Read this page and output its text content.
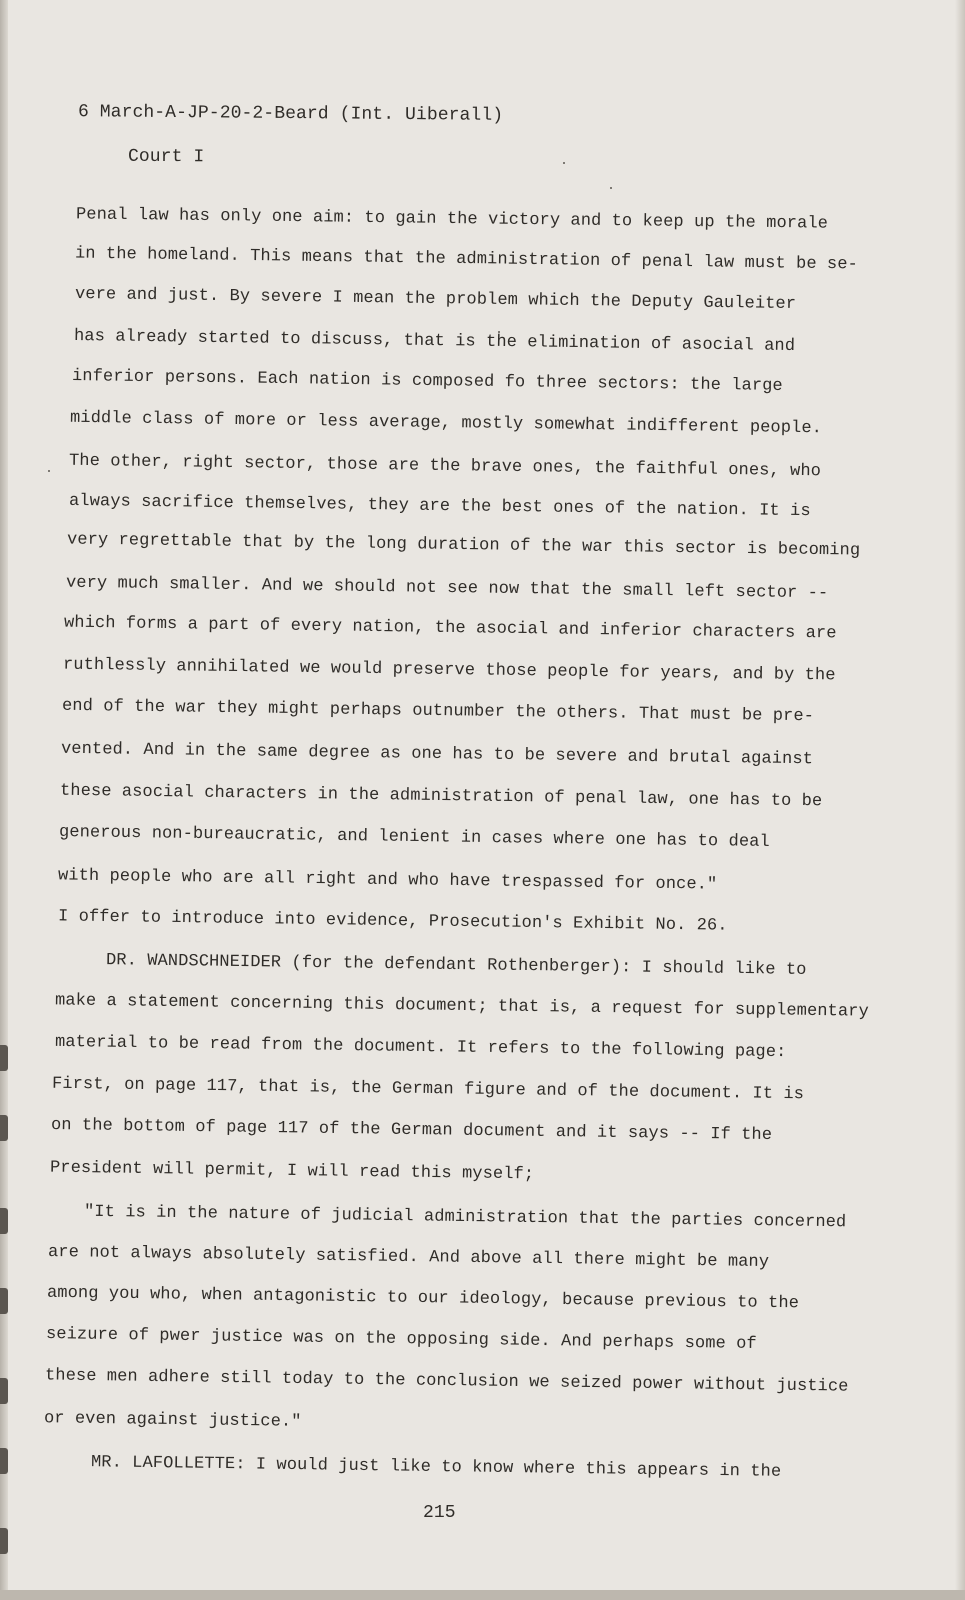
6 March-A-JP-20-2-Beard (Int. Uiberall)
Court I
Penal law has only one aim: to gain the victory and to keep up the morale
in the homeland. This means that the administration of penal law must be se-
vere and just. By severe I mean the problem which the Deputy Gauleiter
has already started to discuss, that is the elimination of asocial and
inferior persons. Each nation is composed fo three sectors: the large
middle class of more or less average, mostly somewhat indifferent people.
The other, right sector, those are the brave ones, the faithful ones, who
always sacrifice themselves, they are the best ones of the nation. It is
very regrettable that by the long duration of the war this sector is becoming
very much smaller. And we should not see now that the small left sector --
which forms a part of every nation, the asocial and inferior characters are
ruthlessly annihilated we would preserve those people for years, and by the
end of the war they might perhaps outnumber the others. That must be pre-
vented. And in the same degree as one has to be severe and brutal against
these asocial characters in the administration of penal law, one has to be
generous non-bureaucratic, and lenient in cases where one has to deal
with people who are all right and who have trespassed for once."
I offer to introduce into evidence, Prosecution's Exhibit No. 26.
DR. WANDSCHNEIDER (for the defendant Rothenberger): I should like to
make a statement concerning this document; that is, a request for supplementary
material to be read from the document. It refers to the following page:
First, on page 117, that is, the German figure and of the document. It is
on the bottom of page 117 of the German document and it says -- If the
President will permit, I will read this myself;
"It is in the nature of judicial administration that the parties concerned
are not always absolutely satisfied. And above all there might be many
among you who, when antagonistic to our ideology, because previous to the
seizure of pwer justice was on the opposing side. And perhaps some of
these men adhere still today to the conclusion we seized power without justice
or even against justice."
MR. LAFOLLETTE: I would just like to know where this appears in the
215
